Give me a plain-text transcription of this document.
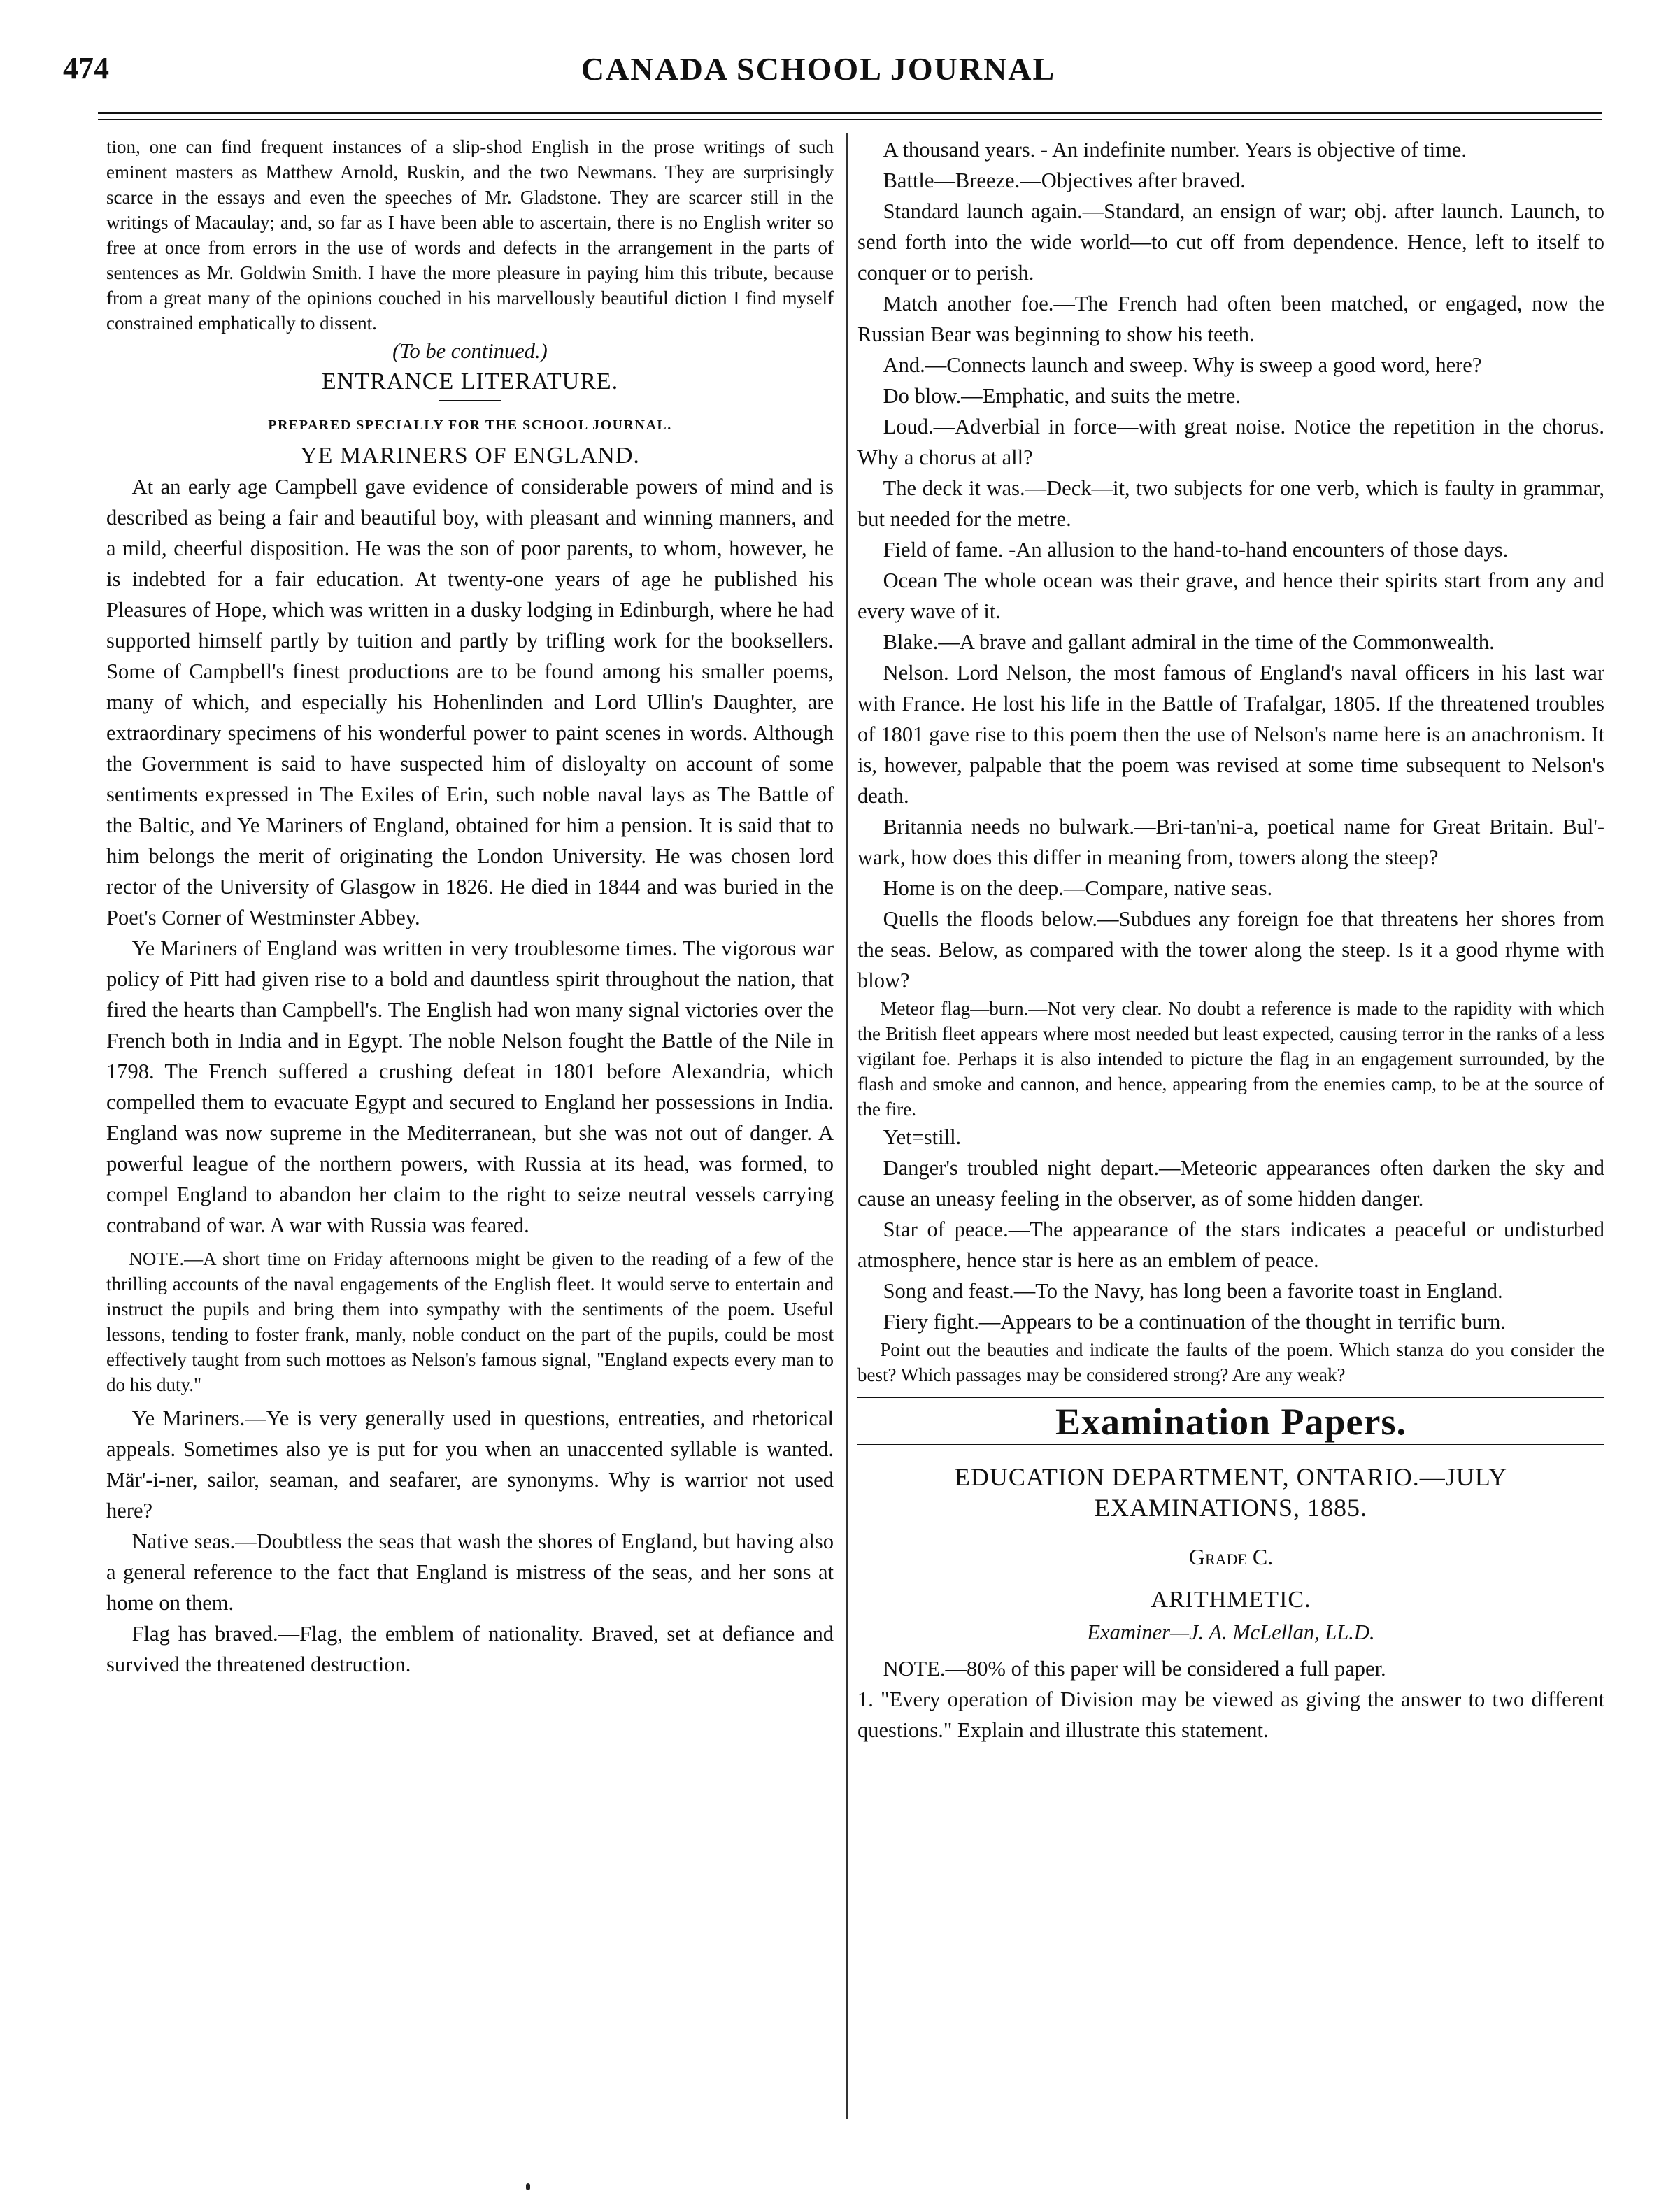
474	CANADA SCHOOL JOURNAL

tion, one can find frequent instances of a slip-shod English in the prose writings of such eminent masters as Matthew Arnold, Ruskin, and the two Newmans. They are surprisingly scarce in the essays and even the speeches of Mr. Gladstone. They are scarcer still in the writings of Macaulay; and, so far as I have been able to ascertain, there is no English writer so free at once from errors in the use of words and defects in the arrangement in the parts of sentences as Mr. Goldwin Smith. I have the more pleasure in paying him this tribute, because from a great many of the opinions couched in his marvellously beautiful diction I find myself constrained emphatically to dissent.

(To be continued.)

ENTRANCE LITERATURE.

PREPARED SPECIALLY FOR THE SCHOOL JOURNAL.

YE MARINERS OF ENGLAND.

At an early age Campbell gave evidence of considerable powers of mind and is described as being a fair and beautiful boy, with pleasant and winning manners, and a mild, cheerful disposition. He was the son of poor parents, to whom, however, he is indebted for a fair education. At twenty-one years of age he published his Pleasures of Hope, which was written in a dusky lodging in Edinburgh, where he had supported himself partly by tuition and partly by trifling work for the booksellers. Some of Campbell's finest productions are to be found among his smaller poems, many of which, and especially his Hohenlinden and Lord Ullin's Daughter, are extraordinary specimens of his wonderful power to paint scenes in words. Although the Government is said to have suspected him of disloyalty on account of some sentiments expressed in The Exiles of Erin, such noble naval lays as The Battle of the Baltic, and Ye Mariners of England, obtained for him a pension. It is said that to him belongs the merit of originating the London University. He was chosen lord rector of the University of Glasgow in 1826. He died in 1844 and was buried in the Poet's Corner of Westminster Abbey.

Ye Mariners of England was written in very troublesome times. The vigorous war policy of Pitt had given rise to a bold and dauntless spirit throughout the nation, that fired the hearts than Campbell's. The English had won many signal victories over the French both in India and in Egypt. The noble Nelson fought the Battle of the Nile in 1798. The French suffered a crushing defeat in 1801 before Alexandria, which compelled them to evacuate Egypt and secured to England her possessions in India. England was now supreme in the Mediterranean, but she was not out of danger. A powerful league of the northern powers, with Russia at its head, was formed, to compel England to abandon her claim to the right to seize neutral vessels carrying contraband of war. A war with Russia was feared.

NOTE.—A short time on Friday afternoons might be given to the reading of a few of the thrilling accounts of the naval engagements of the English fleet. It would serve to entertain and instruct the pupils and bring them into sympathy with the sentiments of the poem. Useful lessons, tending to foster frank, manly, noble conduct on the part of the pupils, could be most effectively taught from such mottoes as Nelson's famous signal, "England expects every man to do his duty."

Ye Mariners.—Ye is very generally used in questions, entreaties, and rhetorical appeals. Sometimes also ye is put for you when an unaccented syllable is wanted. Mär'-i-ner, sailor, seaman, and seafarer, are synonyms. Why is warrior not used here?

Native seas.—Doubtless the seas that wash the shores of England, but having also a general reference to the fact that England is mistress of the seas, and her sons at home on them.

Flag has braved.—Flag, the emblem of nationality. Braved, set at defiance and survived the threatened destruction.

A thousand years. - An indefinite number. Years is objective of time.

Battle—Breeze.—Objectives after braved.

Standard launch again.—Standard, an ensign of war; obj. after launch. Launch, to send forth into the wide world—to cut off from dependence. Hence, left to itself to conquer or to perish.

Match another foe.—The French had often been matched, or engaged, now the Russian Bear was beginning to show his teeth.

And.—Connects launch and sweep. Why is sweep a good word, here?

Do blow.—Emphatic, and suits the metre.

Loud.—Adverbial in force—with great noise. Notice the repetition in the chorus. Why a chorus at all?

The deck it was.—Deck—it, two subjects for one verb, which is faulty in grammar, but needed for the metre.

Field of fame. -An allusion to the hand-to-hand encounters of those days.

Ocean The whole ocean was their grave, and hence their spirits start from any and every wave of it.

Blake.—A brave and gallant admiral in the time of the Commonwealth.

Nelson. Lord Nelson, the most famous of England's naval officers in his last war with France. He lost his life in the Battle of Trafalgar, 1805. If the threatened troubles of 1801 gave rise to this poem then the use of Nelson's name here is an anachronism. It is, however, palpable that the poem was revised at some time subsequent to Nelson's death.

Britannia needs no bulwark.—Bri-tan'ni-a, poetical name for Great Britain. Bul'-wark, how does this differ in meaning from, towers along the steep?

Home is on the deep.—Compare, native seas.

Quells the floods below.—Subdues any foreign foe that threatens her shores from the seas. Below, as compared with the tower along the steep. Is it a good rhyme with blow?

Meteor flag—burn.—Not very clear. No doubt a reference is made to the rapidity with which the British fleet appears where most needed but least expected, causing terror in the ranks of a less vigilant foe. Perhaps it is also intended to picture the flag in an engagement surrounded, by the flash and smoke and cannon, and hence, appearing from the enemies camp, to be at the source of the fire.

Yet=still.

Danger's troubled night depart.—Meteoric appearances often darken the sky and cause an uneasy feeling in the observer, as of some hidden danger.

Star of peace.—The appearance of the stars indicates a peaceful or undisturbed atmosphere, hence star is here as an emblem of peace.

Song and feast.—To the Navy, has long been a favorite toast in England.

Fiery fight.—Appears to be a continuation of the thought in terrific burn.

Point out the beauties and indicate the faults of the poem. Which stanza do you consider the best? Which passages may be considered strong? Are any weak?

Examination Papers.
EDUCATION DEPARTMENT, ONTARIO.—JULY EXAMINATIONS, 1885.
Grade C.
ARITHMETIC.
Examiner—J. A. McLellan, LL.D.

NOTE.—80% of this paper will be considered a full paper.

1. "Every operation of Division may be viewed as giving the answer to two different questions." Explain and illustrate this statement.
